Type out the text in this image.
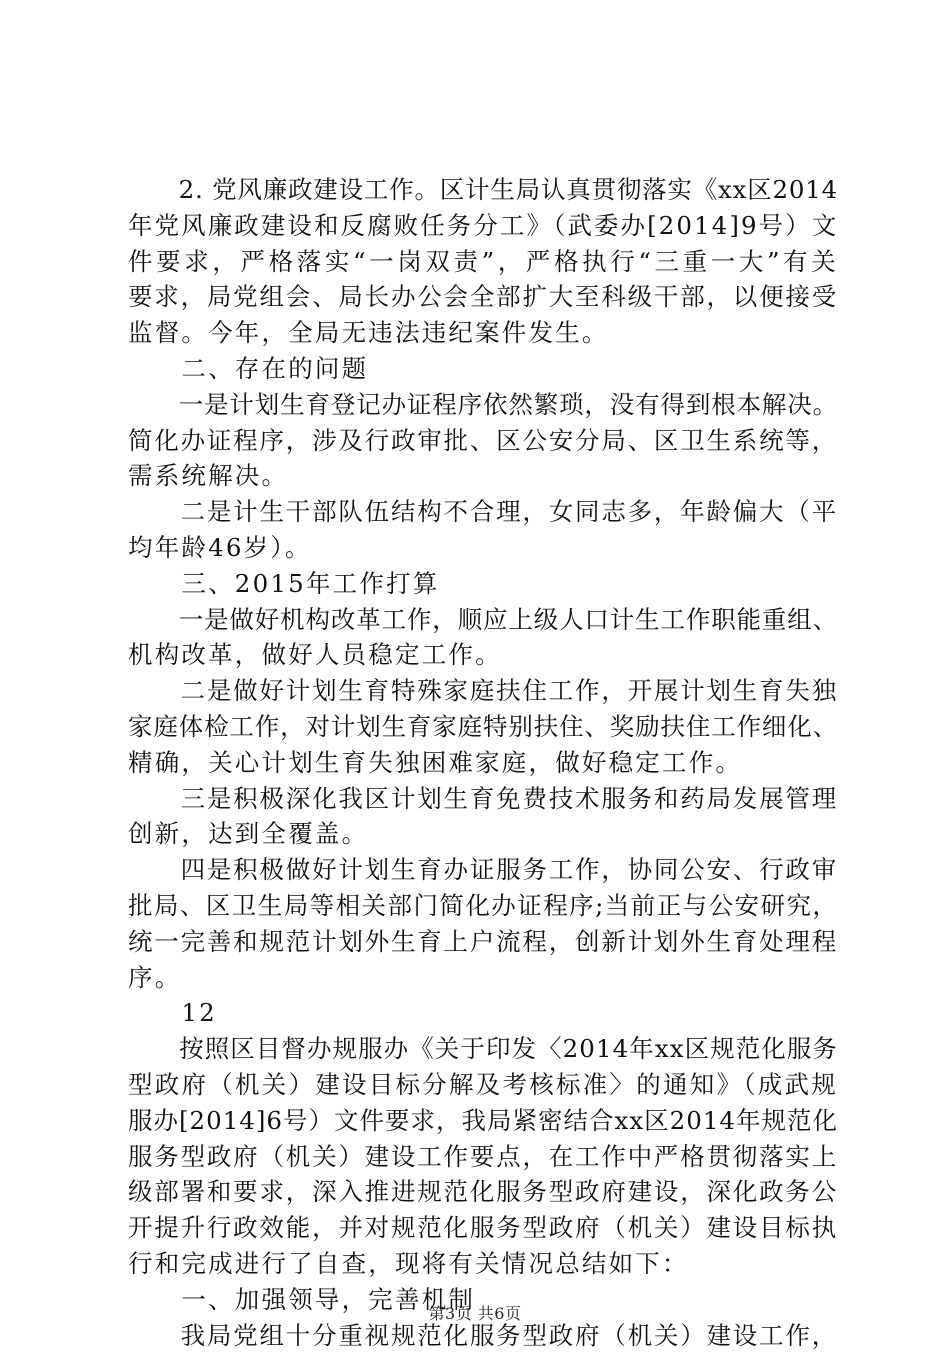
　　2. 党风廉政建设工作。区计生局认真贯彻落实《xx区2014
年党风廉政建设和反腐败任务分工》（武委办[2014]9号）文
件要求，严格落实“一岗双责”，严格执行“三重一大”有关
要求，局党组会、局长办公会全部扩大至科级干部，以便接受
监督。今年，全局无违法违纪案件发生。
　　二、存在的问题
　　一是计划生育登记办证程序依然繁琐，没有得到根本解决。
简化办证程序，涉及行政审批、区公安分局、区卫生系统等，
需系统解决。
　　二是计生干部队伍结构不合理，女同志多，年龄偏大（平
均年龄46岁）。
　　三、2015年工作打算
　　一是做好机构改革工作，顺应上级人口计生工作职能重组、
机构改革，做好人员稳定工作。
　　二是做好计划生育特殊家庭扶住工作，开展计划生育失独
家庭体检工作，对计划生育家庭特别扶住、奖励扶住工作细化、
精确，关心计划生育失独困难家庭，做好稳定工作。
　　三是积极深化我区计划生育免费技术服务和药局发展管理
创新，达到全覆盖。
　　四是积极做好计划生育办证服务工作，协同公安、行政审
批局、区卫生局等相关部门简化办证程序;当前正与公安研究，
统一完善和规范计划外生育上户流程，创新计划外生育处理程
序。
　　12
　　按照区目督办规服办《关于印发〈2014年xx区规范化服务
型政府（机关）建设目标分解及考核标准〉的通知》（成武规
服办[2014]6号）文件要求，我局紧密结合xx区2014年规范化
服务型政府（机关）建设工作要点，在工作中严格贯彻落实上
级部署和要求，深入推进规范化服务型政府建设，深化政务公
开提升行政效能，并对规范化服务型政府（机关）建设目标执
行和完成进行了自查，现将有关情况总结如下：
　　一、加强领导，完善机制
　　我局党组十分重视规范化服务型政府（机关）建设工作，
第3页 共6页
